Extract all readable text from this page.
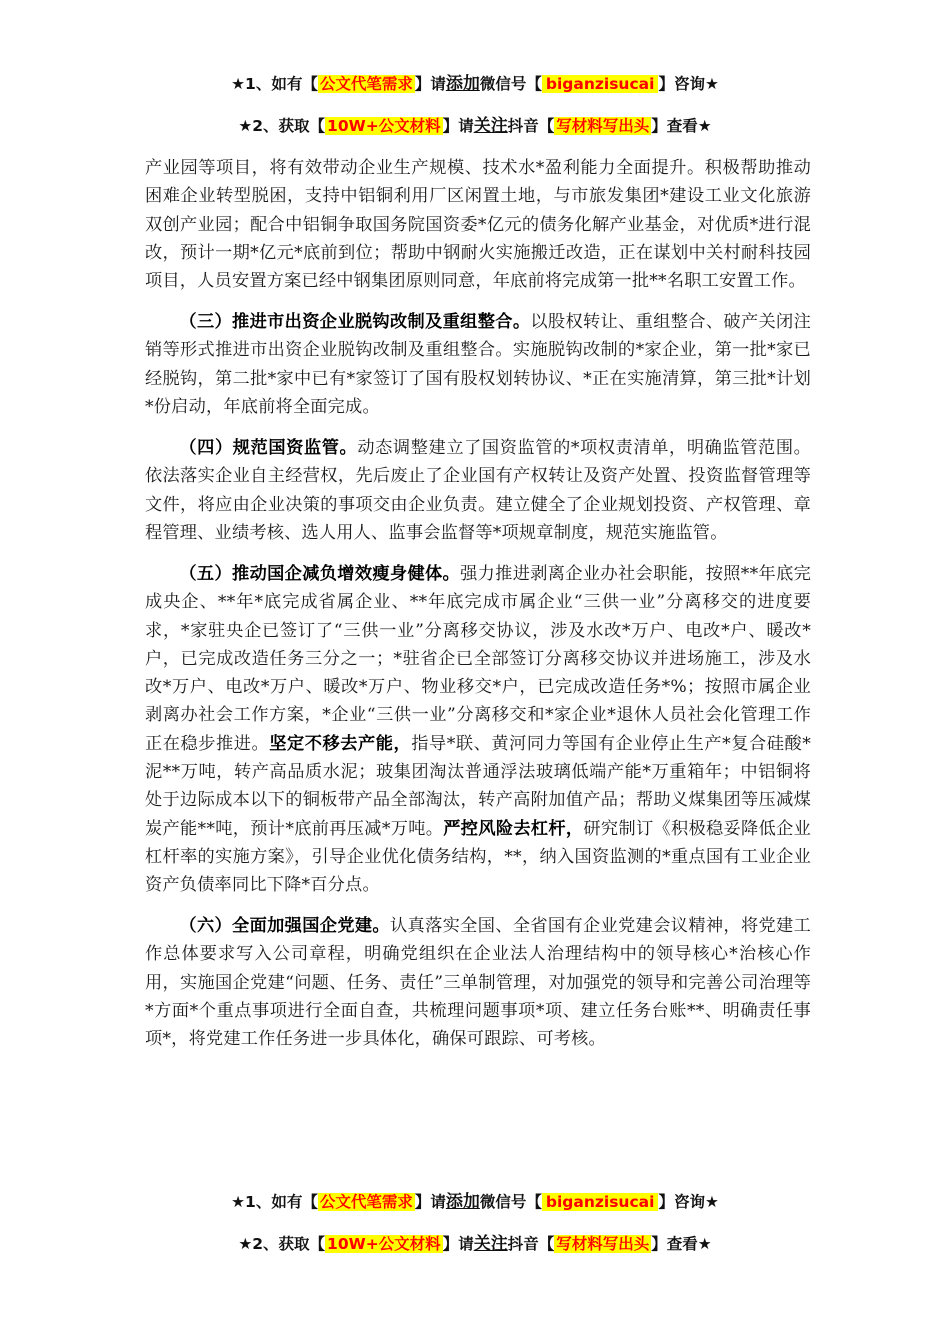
★1、如有【 公文代笔需求 】请添加微信号【 biganzisucai 】咨询★
★2、获取【 10W+公文材料 】请关注抖音【 写材料写出头 】查看★

产业园等项目，将有效带动企业生产规模、技术水*盈利能力全面提升。积极帮助推动困难企业转型脱困，支持中铝铜利用厂区闲置土地，与市旅发集团*建设工业文化旅游双创产业园；配合中铝铜争取国务院国资委*亿元的债务化解产业基金，对优质*进行混改，预计一期*亿元*底前到位；帮助中钢耐火实施搬迁改造，正在谋划中关村耐科技园项目，人员安置方案已经中钢集团原则同意，年底前将完成第一批**名职工安置工作。

（三）推进市出资企业脱钩改制及重组整合。以股权转让、重组整合、破产关闭注销等形式推进市出资企业脱钩改制及重组整合。实施脱钩改制的*家企业，第一批*家已经脱钩，第二批*家中已有*家签订了国有股权划转协议、*正在实施清算，第三批*计划*份启动，年底前将全面完成。

（四）规范国资监管。动态调整建立了国资监管的*项权责清单，明确监管范围。依法落实企业自主经营权，先后废止了企业国有产权转让及资产处置、投资监督管理等文件，将应由企业决策的事项交由企业负责。建立健全了企业规划投资、产权管理、章程管理、业绩考核、选人用人、监事会监督等*项规章制度，规范实施监管。

（五）推动国企减负增效瘦身健体。强力推进剥离企业办社会职能，按照**年底完成央企、**年*底完成省属企业、**年底完成市属企业“三供一业”分离移交的进度要求，*家驻央企已签订了“三供一业”分离移交协议，涉及水改*万户、电改*户、暖改*户，已完成改造任务三分之一；*驻省企已全部签订分离移交协议并进场施工，涉及水改*万户、电改*万户、暖改*万户、物业移交*户，已完成改造任务*%；按照市属企业剥离办社会工作方案，*企业“三供一业”分离移交和*家企业*退休人员社会化管理工作正在稳步推进。坚定不移去产能，指导*联、黄河同力等国有企业停止生产*复合硅酸*泥**万吨，转产高品质水泥；玻集团淘汰普通浮法玻璃低端产能*万重箱年；中铝铜将处于边际成本以下的铜板带产品全部淘汰，转产高附加值产品；帮助义煤集团等压减煤炭产能**吨，预计*底前再压减*万吨。严控风险去杠杆，研究制订《积极稳妥降低企业杠杆率的实施方案》，引导企业优化债务结构，**，纳入国资监测的*重点国有工业企业资产负债率同比下降*百分点。

（六）全面加强国企党建。认真落实全国、全省国有企业党建会议精神，将党建工作总体要求写入公司章程，明确党组织在企业法人治理结构中的领导核心*治核心作用，实施国企党建“问题、任务、责任”三单制管理，对加强党的领导和完善公司治理等*方面*个重点事项进行全面自查，共梳理问题事项*项、建立任务台账**、明确责任事项*，将党建工作任务进一步具体化，确保可跟踪、可考核。

★1、如有【 公文代笔需求 】请添加微信号【 biganzisucai 】咨询★
★2、获取【 10W+公文材料 】请关注抖音【 写材料写出头 】查看★
